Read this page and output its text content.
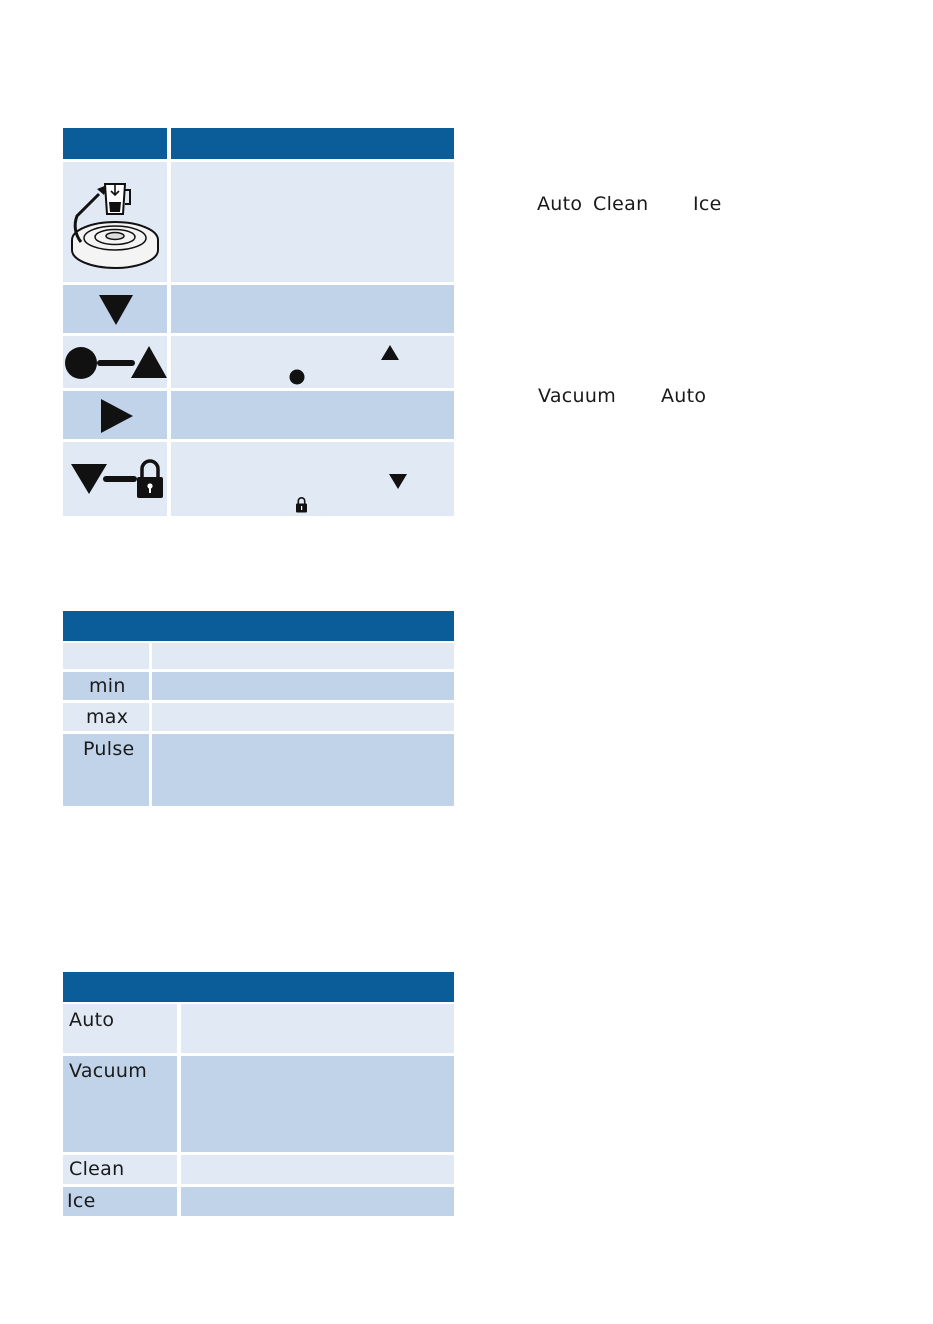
min
max
Pulse
Auto
Vacuum
Clean
Ice
Auto Clean Ice
Vacuum Auto
